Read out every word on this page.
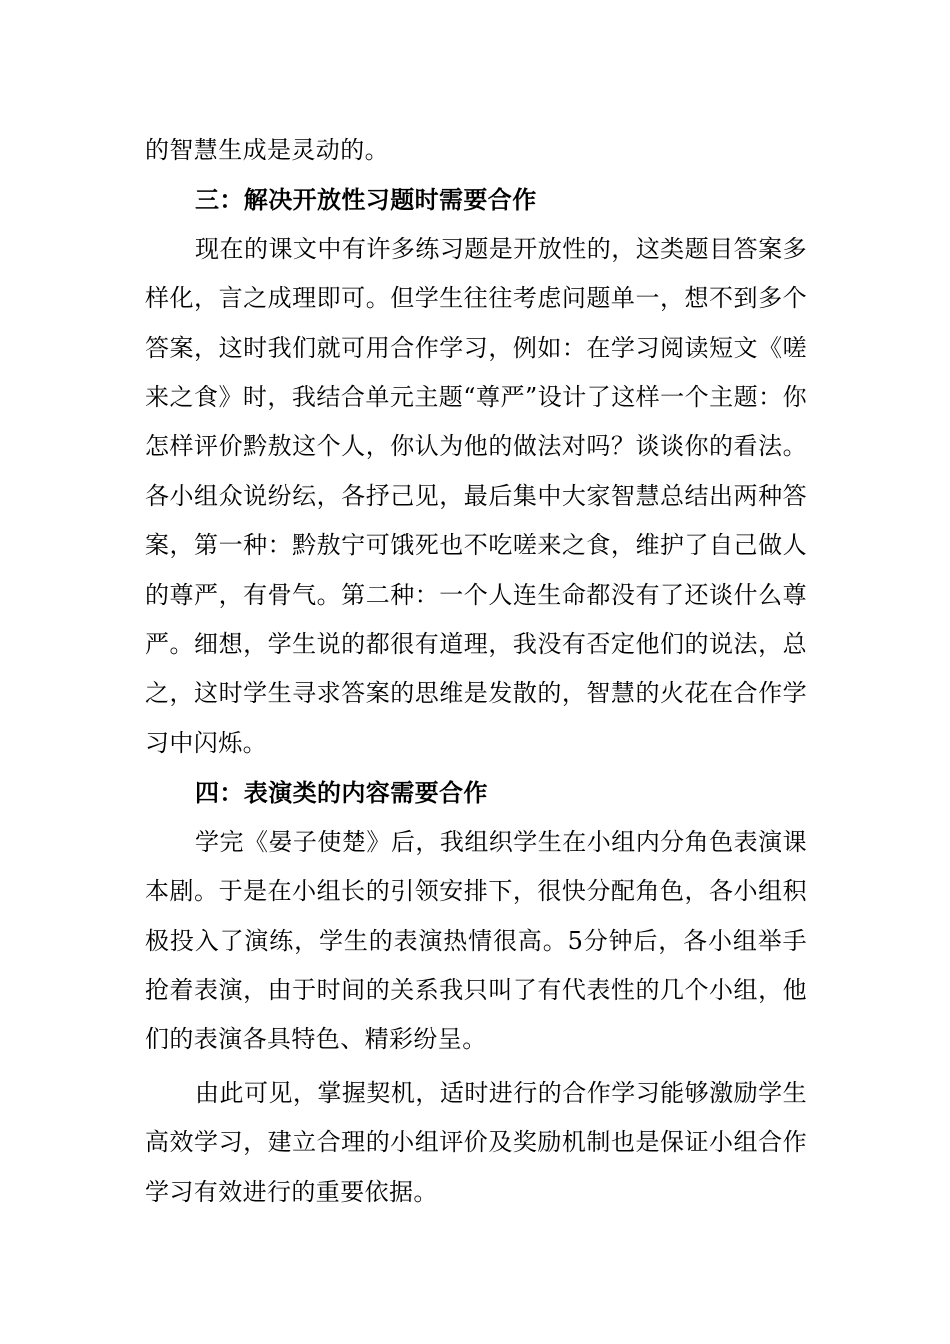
的智慧生成是灵动的。

三：解决开放性习题时需要合作

现在的课文中有许多练习题是开放性的，这类题目答案多样化，言之成理即可。但学生往往考虑问题单一，想不到多个答案，这时我们就可用合作学习，例如：在学习阅读短文《嗟来之食》时，我结合单元主题“尊严”设计了这样一个主题：你怎样评价黔敖这个人，你认为他的做法对吗？谈谈你的看法。各小组众说纷纭，各抒己见，最后集中大家智慧总结出两种答案，第一种：黔敖宁可饿死也不吃嗟来之食，维护了自己做人的尊严，有骨气。第二种：一个人连生命都没有了还谈什么尊严。细想，学生说的都很有道理，我没有否定他们的说法，总之，这时学生寻求答案的思维是发散的，智慧的火花在合作学习中闪烁。

四：表演类的内容需要合作

学完《晏子使楚》后，我组织学生在小组内分角色表演课本剧。于是在小组长的引领安排下，很快分配角色，各小组积极投入了演练，学生的表演热情很高。5分钟后，各小组举手抢着表演，由于时间的关系我只叫了有代表性的几个小组，他们的表演各具特色、精彩纷呈。

由此可见，掌握契机，适时进行的合作学习能够激励学生高效学习，建立合理的小组评价及奖励机制也是保证小组合作学习有效进行的重要依据。
